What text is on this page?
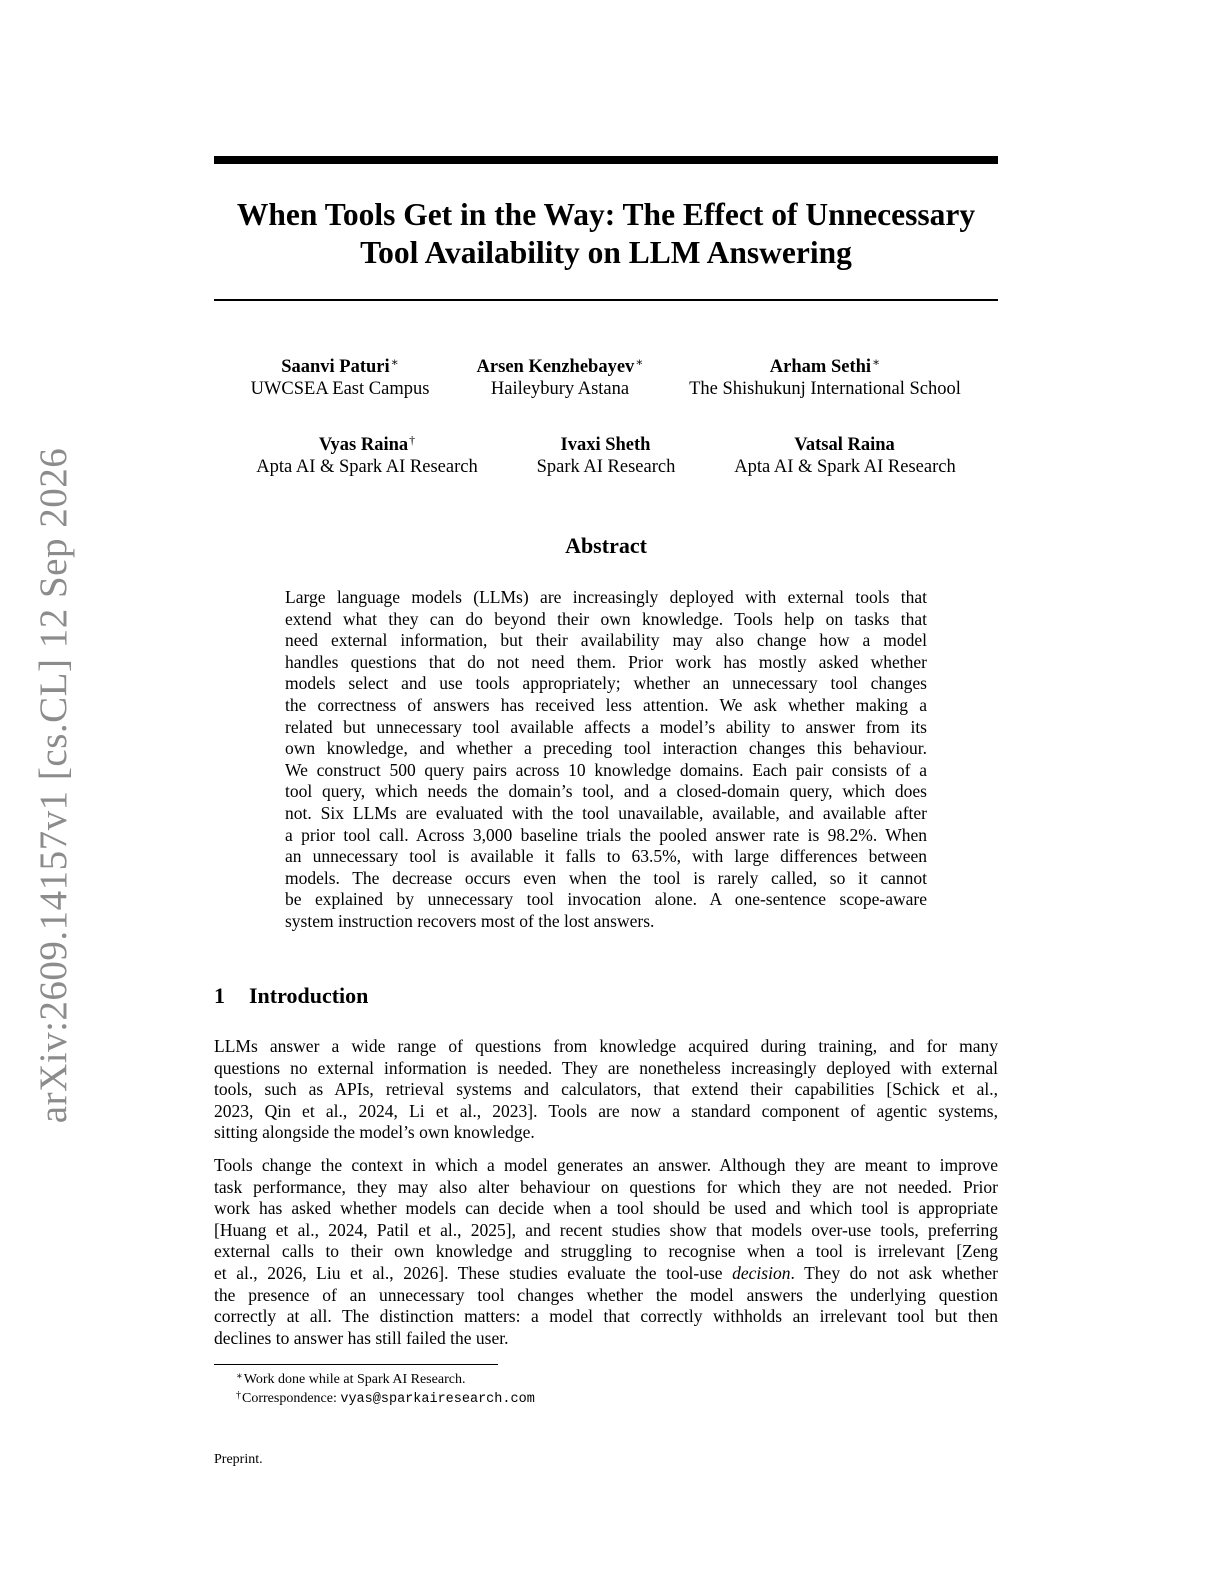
arXiv:2609.14157v1 [cs.CL] 12 Sep 2026
When Tools Get in the Way: The Effect of Unnecessary
Tool Availability on LLM Answering
Saanvi Paturi∗
UWCSEA East Campus
Arsen Kenzhebayev∗
Haileybury Astana
Arham Sethi∗
The Shishukunj International School
Vyas Raina†
Apta AI & Spark AI Research
Ivaxi Sheth
Spark AI Research
Vatsal Raina
Apta AI & Spark AI Research
Abstract
Large language models (LLMs) are increasingly deployed with external tools that
extend what they can do beyond their own knowledge. Tools help on tasks that
need external information, but their availability may also change how a model
handles questions that do not need them. Prior work has mostly asked whether
models select and use tools appropriately; whether an unnecessary tool changes
the correctness of answers has received less attention. We ask whether making a
related but unnecessary tool available affects a model’s ability to answer from its
own knowledge, and whether a preceding tool interaction changes this behaviour.
We construct 500 query pairs across 10 knowledge domains. Each pair consists of a
tool query, which needs the domain’s tool, and a closed-domain query, which does
not. Six LLMs are evaluated with the tool unavailable, available, and available after
a prior tool call. Across 3,000 baseline trials the pooled answer rate is 98.2%. When
an unnecessary tool is available it falls to 63.5%, with large differences between
models. The decrease occurs even when the tool is rarely called, so it cannot
be explained by unnecessary tool invocation alone. A one-sentence scope-aware
system instruction recovers most of the lost answers.
1 Introduction
LLMs answer a wide range of questions from knowledge acquired during training, and for many
questions no external information is needed. They are nonetheless increasingly deployed with external
tools, such as APIs, retrieval systems and calculators, that extend their capabilities [Schick et al.,
2023, Qin et al., 2024, Li et al., 2023]. Tools are now a standard component of agentic systems,
sitting alongside the model’s own knowledge.
Tools change the context in which a model generates an answer. Although they are meant to improve
task performance, they may also alter behaviour on questions for which they are not needed. Prior
work has asked whether models can decide when a tool should be used and which tool is appropriate
[Huang et al., 2024, Patil et al., 2025], and recent studies show that models over-use tools, preferring
external calls to their own knowledge and struggling to recognise when a tool is irrelevant [Zeng
et al., 2026, Liu et al., 2026]. These studies evaluate the tool-use decision. They do not ask whether
the presence of an unnecessary tool changes whether the model answers the underlying question
correctly at all. The distinction matters: a model that correctly withholds an irrelevant tool but then
declines to answer has still failed the user.
∗Work done while at Spark AI Research.
†Correspondence: vyas@sparkairesearch.com
Preprint.
